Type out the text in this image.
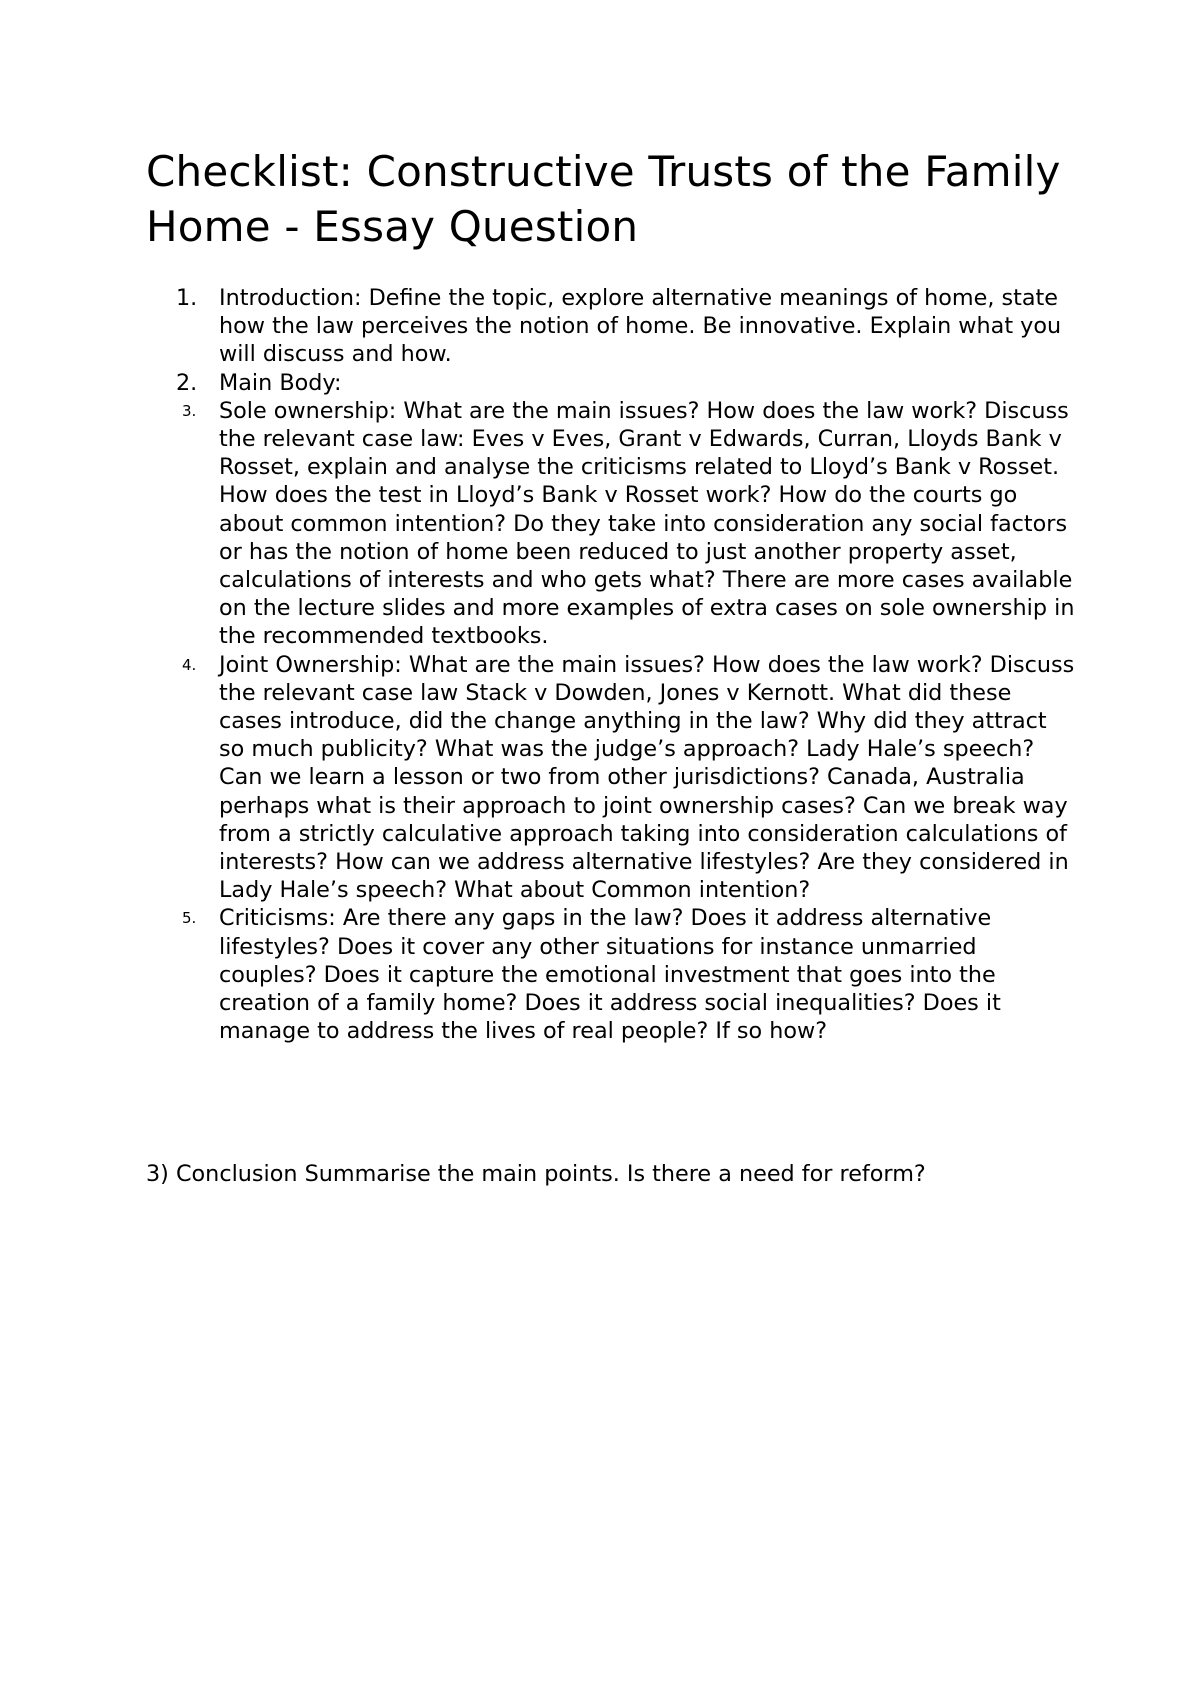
Checklist: Constructive Trusts of the Family Home - Essay Question
1. Introduction: Define the topic, explore alternative meanings of home, state how the law perceives the notion of home. Be innovative. Explain what you will discuss and how.
2. Main Body:
3.	Sole ownership: What are the main issues? How does the law work? Discuss the relevant case law: Eves v Eves, Grant v Edwards, Curran, Lloyds Bank v Rosset, explain and analyse the criticisms related to Lloyd’s Bank v Rosset. How does the test in Lloyd’s Bank v Rosset work? How do the courts go about common intention? Do they take into consideration any social factors or has the notion of home been reduced to just another property asset, calculations of interests and who gets what? There are more cases available on the lecture slides and more examples of extra cases on sole ownership in the recommended textbooks.
4.	Joint Ownership: What are the main issues? How does the law work? Discuss the relevant case law Stack v Dowden, Jones v Kernott. What did these cases introduce, did the change anything in the law? Why did they attract so much publicity? What was the judge’s approach? Lady Hale’s speech? Can we learn a lesson or two from other jurisdictions? Canada, Australia perhaps what is their approach to joint ownership cases? Can we break way from a strictly calculative approach taking into consideration calculations of interests? How can we address alternative lifestyles? Are they considered in Lady Hale’s speech? What about Common intention?
5.	Criticisms: Are there any gaps in the law? Does it address alternative lifestyles? Does it cover any other situations for instance unmarried couples? Does it capture the emotional investment that goes into the creation of a family home? Does it address social inequalities? Does it manage to address the lives of real people? If so how?

3) Conclusion Summarise the main points. Is there a need for reform?
